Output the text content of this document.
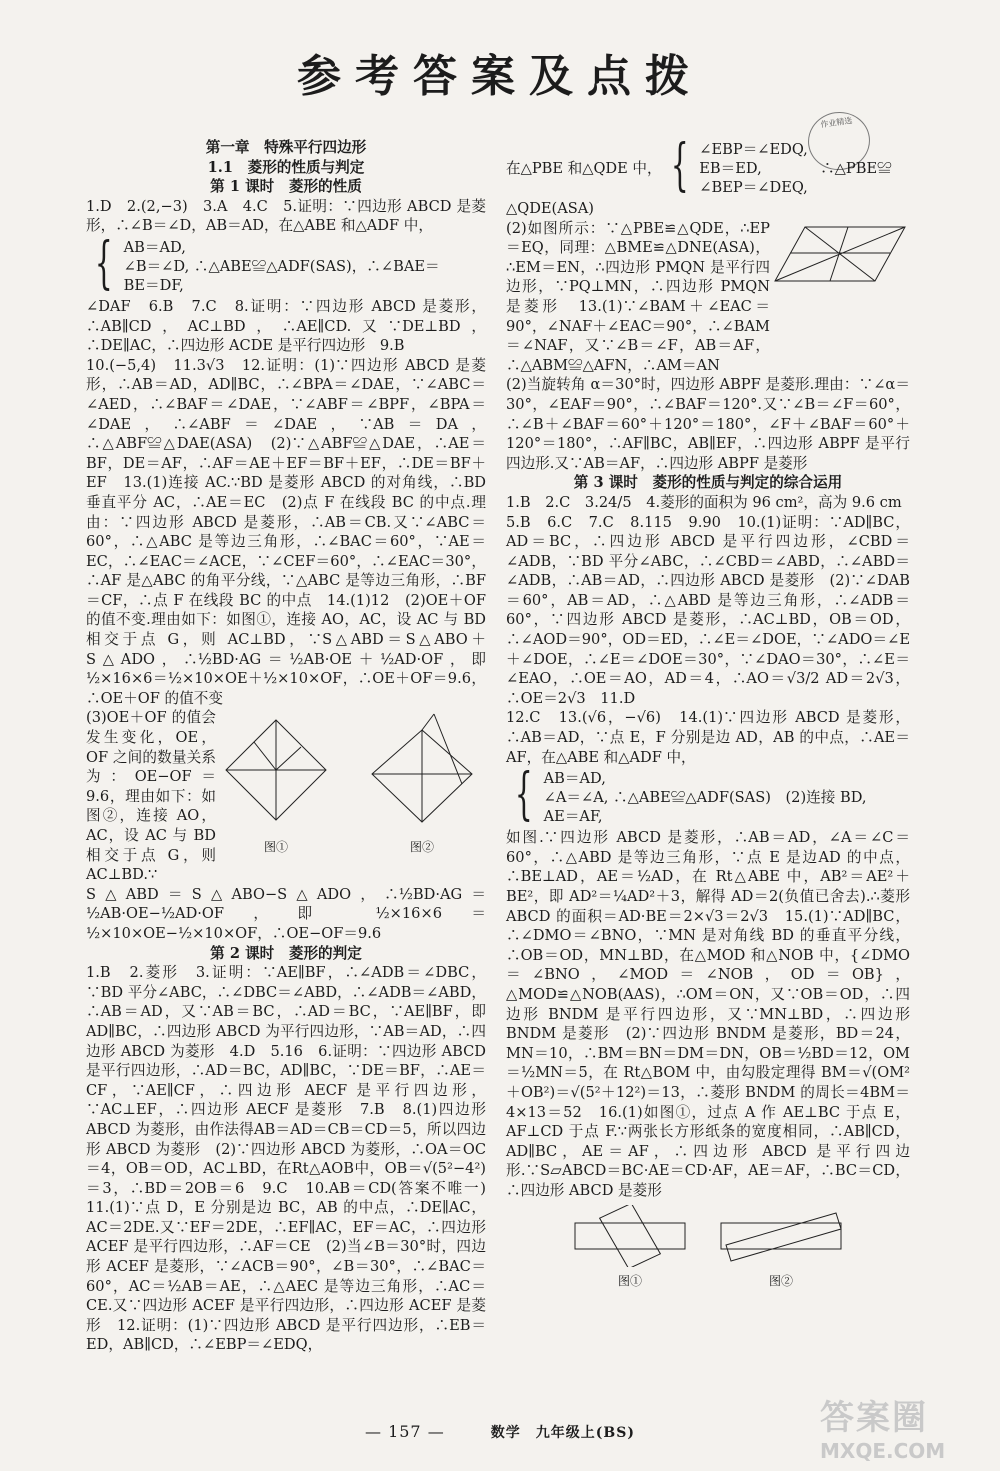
参考答案及点拨
作业精选

第一章　特殊平行四边形

1.1　菱形的性质与判定

第 1 课时　菱形的性质

1.D　2.(2,−3)　3.A　4.C　5.证明：∵四边形 ABCD 是菱形，∴∠B＝∠D，AB＝AD，在△ABE 和△ADF 中，

{ AB＝AD,
∠B＝∠D, ∴△ABE≌△ADF(SAS)，∴∠BAE＝
BE＝DF,

∠DAF　6.B　7.C　8.证明：∵四边形 ABCD 是菱形，∴AB∥CD，AC⊥BD，∴AE∥CD.又∵DE⊥BD，∴DE∥AC，∴四边形 ACDE 是平行四边形　9.B

10.(−5,4)　11.3√3　12.证明：(1)∵四边形 ABCD 是菱形，∴AB＝AD，AD∥BC，∴∠BPA＝∠DAE，∵∠ABC＝∠AED，∴∠BAF＝∠DAE，∵∠ABF＝∠BPF，∠BPA＝∠DAE，∴∠ABF＝∠DAE，∵AB＝DA，∴△ABF≌△DAE(ASA)　(2)∵△ABF≌△DAE，∴AE＝BF，DE＝AF，∴AF＝AE＋EF＝BF＋EF，∴DE＝BF＋EF　13.(1)连接 AC.∵BD 是菱形 ABCD 的对角线，∴BD 垂直平分 AC，∴AE＝EC　(2)点 F 在线段 BC 的中点.理由：∵四边形 ABCD 是菱形，∴AB＝CB.又∵∠ABC＝60°，∴△ABC 是等边三角形，∴∠BAC＝60°，∵AE＝EC，∴∠EAC＝∠ACE，∵∠CEF＝60°，∴∠EAC＝30°，∴AF 是△ABC 的角平分线，∵△ABC 是等边三角形，∴BF＝CF，∴点 F 在线段 BC 的中点　14.(1)12　(2)OE＋OF 的值不变.理由如下：如图①，连接 AO，AC，设 AC 与 BD 相交于点 G，则 AC⊥BD，∵S△ABD＝S△ABO＋S△ADO，∴½BD·AG＝½AB·OE＋½AD·OF，即 ½×16×6＝½×10×OE＋½×10×OF，∴OE＋OF＝9.6，∴OE＋OF 的值不变

(3)OE＋OF 的值会发生变化，OE，OF 之间的数量关系为：OE−OF＝9.6，理由如下：如图②，连接 AO，AC，设 AC 与 BD 相交于点 G，则 AC⊥BD.∵

图①	图②

S△ABD＝S△ABO−S△ADO，∴½BD·AG＝½AB·OE−½AD·OF，即 ½×16×6＝½×10×OE−½×10×OF，∴OE−OF＝9.6

第 2 课时　菱形的判定

1.B　2.菱形　3.证明：∵AE∥BF，∴∠ADB＝∠DBC，∵BD 平分∠ABC，∴∠DBC＝∠ABD，∴∠ADB＝∠ABD，∴AB＝AD，又∵AB＝BC，∴AD＝BC，∵AE∥BF，即 AD∥BC，∴四边形 ABCD 为平行四边形，∵AB＝AD，∴四边形 ABCD 为菱形　4.D　5.16　6.证明：∵四边形 ABCD 是平行四边形，∴AD＝BC，AD∥BC，∵DE＝BF，∴AE＝CF，∵AE∥CF，∴四边形 AECF 是平行四边形，∵AC⊥EF，∴四边形 AECF 是菱形　7.B　8.(1)四边形 ABCD 为菱形，由作法得AB＝AD＝CB＝CD＝5，所以四边形 ABCD 为菱形　(2)∵四边形 ABCD 为菱形，∴OA＝OC＝4，OB＝OD，AC⊥BD，在Rt△AOB中，OB＝√(5²−4²)＝3，∴BD＝2OB＝6　9.C　10.AB＝CD(答案不唯一)　11.(1)∵点 D，E 分别是边 BC，AB 的中点，∴DE∥AC，AC＝2DE.又∵EF＝2DE，∴EF∥AC，EF＝AC，∴四边形 ACEF 是平行四边形，∴AF＝CE　(2)当∠B＝30°时，四边形 ACEF 是菱形，∵∠ACB＝90°，∠B＝30°，∴∠BAC＝60°，AC＝½AB＝AE，∴△AEC 是等边三角形，∴AC＝CE.又∵四边形 ACEF 是平行四边形，∴四边形 ACEF 是菱形　12.证明：(1)∵四边形 ABCD 是平行四边形，∴EB＝ED，AB∥CD，∴∠EBP＝∠EDQ，

在△PBE 和△QDE 中， { ∠EBP＝∠EDQ,
EB＝ED,　　　　∴△PBE≌
∠BEP＝∠DEQ,

△QDE(ASA)

(2)如图所示：∵△PBE≌△QDE，∴EP＝EQ，同理：△BME≌△DNE(ASA)，∴EM＝EN，∴四边形 PMQN 是平行四边形，∵PQ⊥MN，∴四边形 PMQN 是菱形　13.(1)∵∠BAM＋∠EAC＝90°，∠NAF＋∠EAC＝90°，∴∠BAM＝∠NAF，又∵∠B＝∠F，AB＝AF，∴△ABM≌△AFN，∴AM＝AN

(2)当旋转角 α＝30°时，四边形 ABPF 是菱形.理由：∵∠α＝30°，∠EAF＝90°，∴∠BAF＝120°.又∵∠B＝∠F＝60°，∴∠B＋∠BAF＝60°＋120°＝180°，∠F＋∠BAF＝60°＋120°＝180°，∴AF∥BC，AB∥EF，∴四边形 ABPF 是平行四边形.又∵AB＝AF，∴四边形 ABPF 是菱形

第 3 课时　菱形的性质与判定的综合运用

1.B　2.C　3.24/5　4.菱形的面积为 96 cm²，高为 9.6 cm

5.B　6.C　7.C　8.115　9.90　10.(1)证明：∵AD∥BC，AD＝BC，∴四边形 ABCD 是平行四边形，∠CBD＝∠ADB，∵BD 平分∠ABC，∴∠CBD＝∠ABD，∴∠ABD＝∠ADB，∴AB＝AD，∴四边形 ABCD 是菱形　(2)∵∠DAB＝60°，AB＝AD，∴△ABD 是等边三角形，∴∠ADB＝60°，∵四边形 ABCD 是菱形，∴AC⊥BD，OB＝OD，∴∠AOD＝90°，OD＝ED，∴∠E＝∠DOE，∵∠ADO＝∠E＋∠DOE，∴∠E＝∠DOE＝30°，∵∠DAO＝30°，∴∠E＝∠EAO，∴OE＝AO，AD＝4，∴AO＝√3/2 AD＝2√3，∴OE＝2√3　11.D

12.C　13.(√6，−√6)　14.(1)∵四边形 ABCD 是菱形，∴AB＝AD，∵点 E，F 分别是边 AD，AB 的中点，∴AE＝AF，在△ABE 和△ADF 中，

{ AB＝AD,
∠A＝∠A, ∴△ABE≌△ADF(SAS)　(2)连接 BD,
AE＝AF,

如图.∵四边形 ABCD 是菱形，∴AB＝AD，∠A＝∠C＝60°，∴△ABD 是等边三角形，∵点 E 是边AD 的中点，∴BE⊥AD，AE＝½AD，在 Rt△ABE 中，AB²＝AE²＋BE²，即 AD²＝¼AD²＋3，解得 AD＝2(负值已舍去).∴菱形 ABCD 的面积＝AD·BE＝2×√3＝2√3　15.(1)∵AD∥BC，∴∠DMO＝∠BNO，∵MN 是对角线 BD 的垂直平分线，∴OB＝OD，MN⊥BD，在△MOD 和△NOB 中，{∠DMO＝∠BNO，∠MOD＝∠NOB，OD＝OB}，△MOD≌△NOB(AAS)，∴OM＝ON，又∵OB＝OD，∴四边形 BNDM 是平行四边形，又∵MN⊥BD，∴四边形 BNDM 是菱形　(2)∵四边形 BNDM 是菱形，BD＝24，MN＝10，∴BM＝BN＝DM＝DN，OB＝½BD＝12，OM＝½MN＝5，在 Rt△BOM 中，由勾股定理得 BM＝√(OM²＋OB²)＝√(5²＋12²)＝13，∴菱形 BNDM 的周长＝4BM＝4×13＝52　16.(1)如图①，过点 A 作 AE⊥BC 于点 E，AF⊥CD 于点 F.∵两张长方形纸条的宽度相同，∴AB∥CD，AD∥BC，AE＝AF，∴四边形 ABCD 是平行四边形.∵S▱ABCD＝BC·AE＝CD·AF，AE＝AF，∴BC＝CD，∴四边形 ABCD 是菱形

图①	图②
— 157 —	数学　九年级上(BS)	答案圈
MXQE.COM
